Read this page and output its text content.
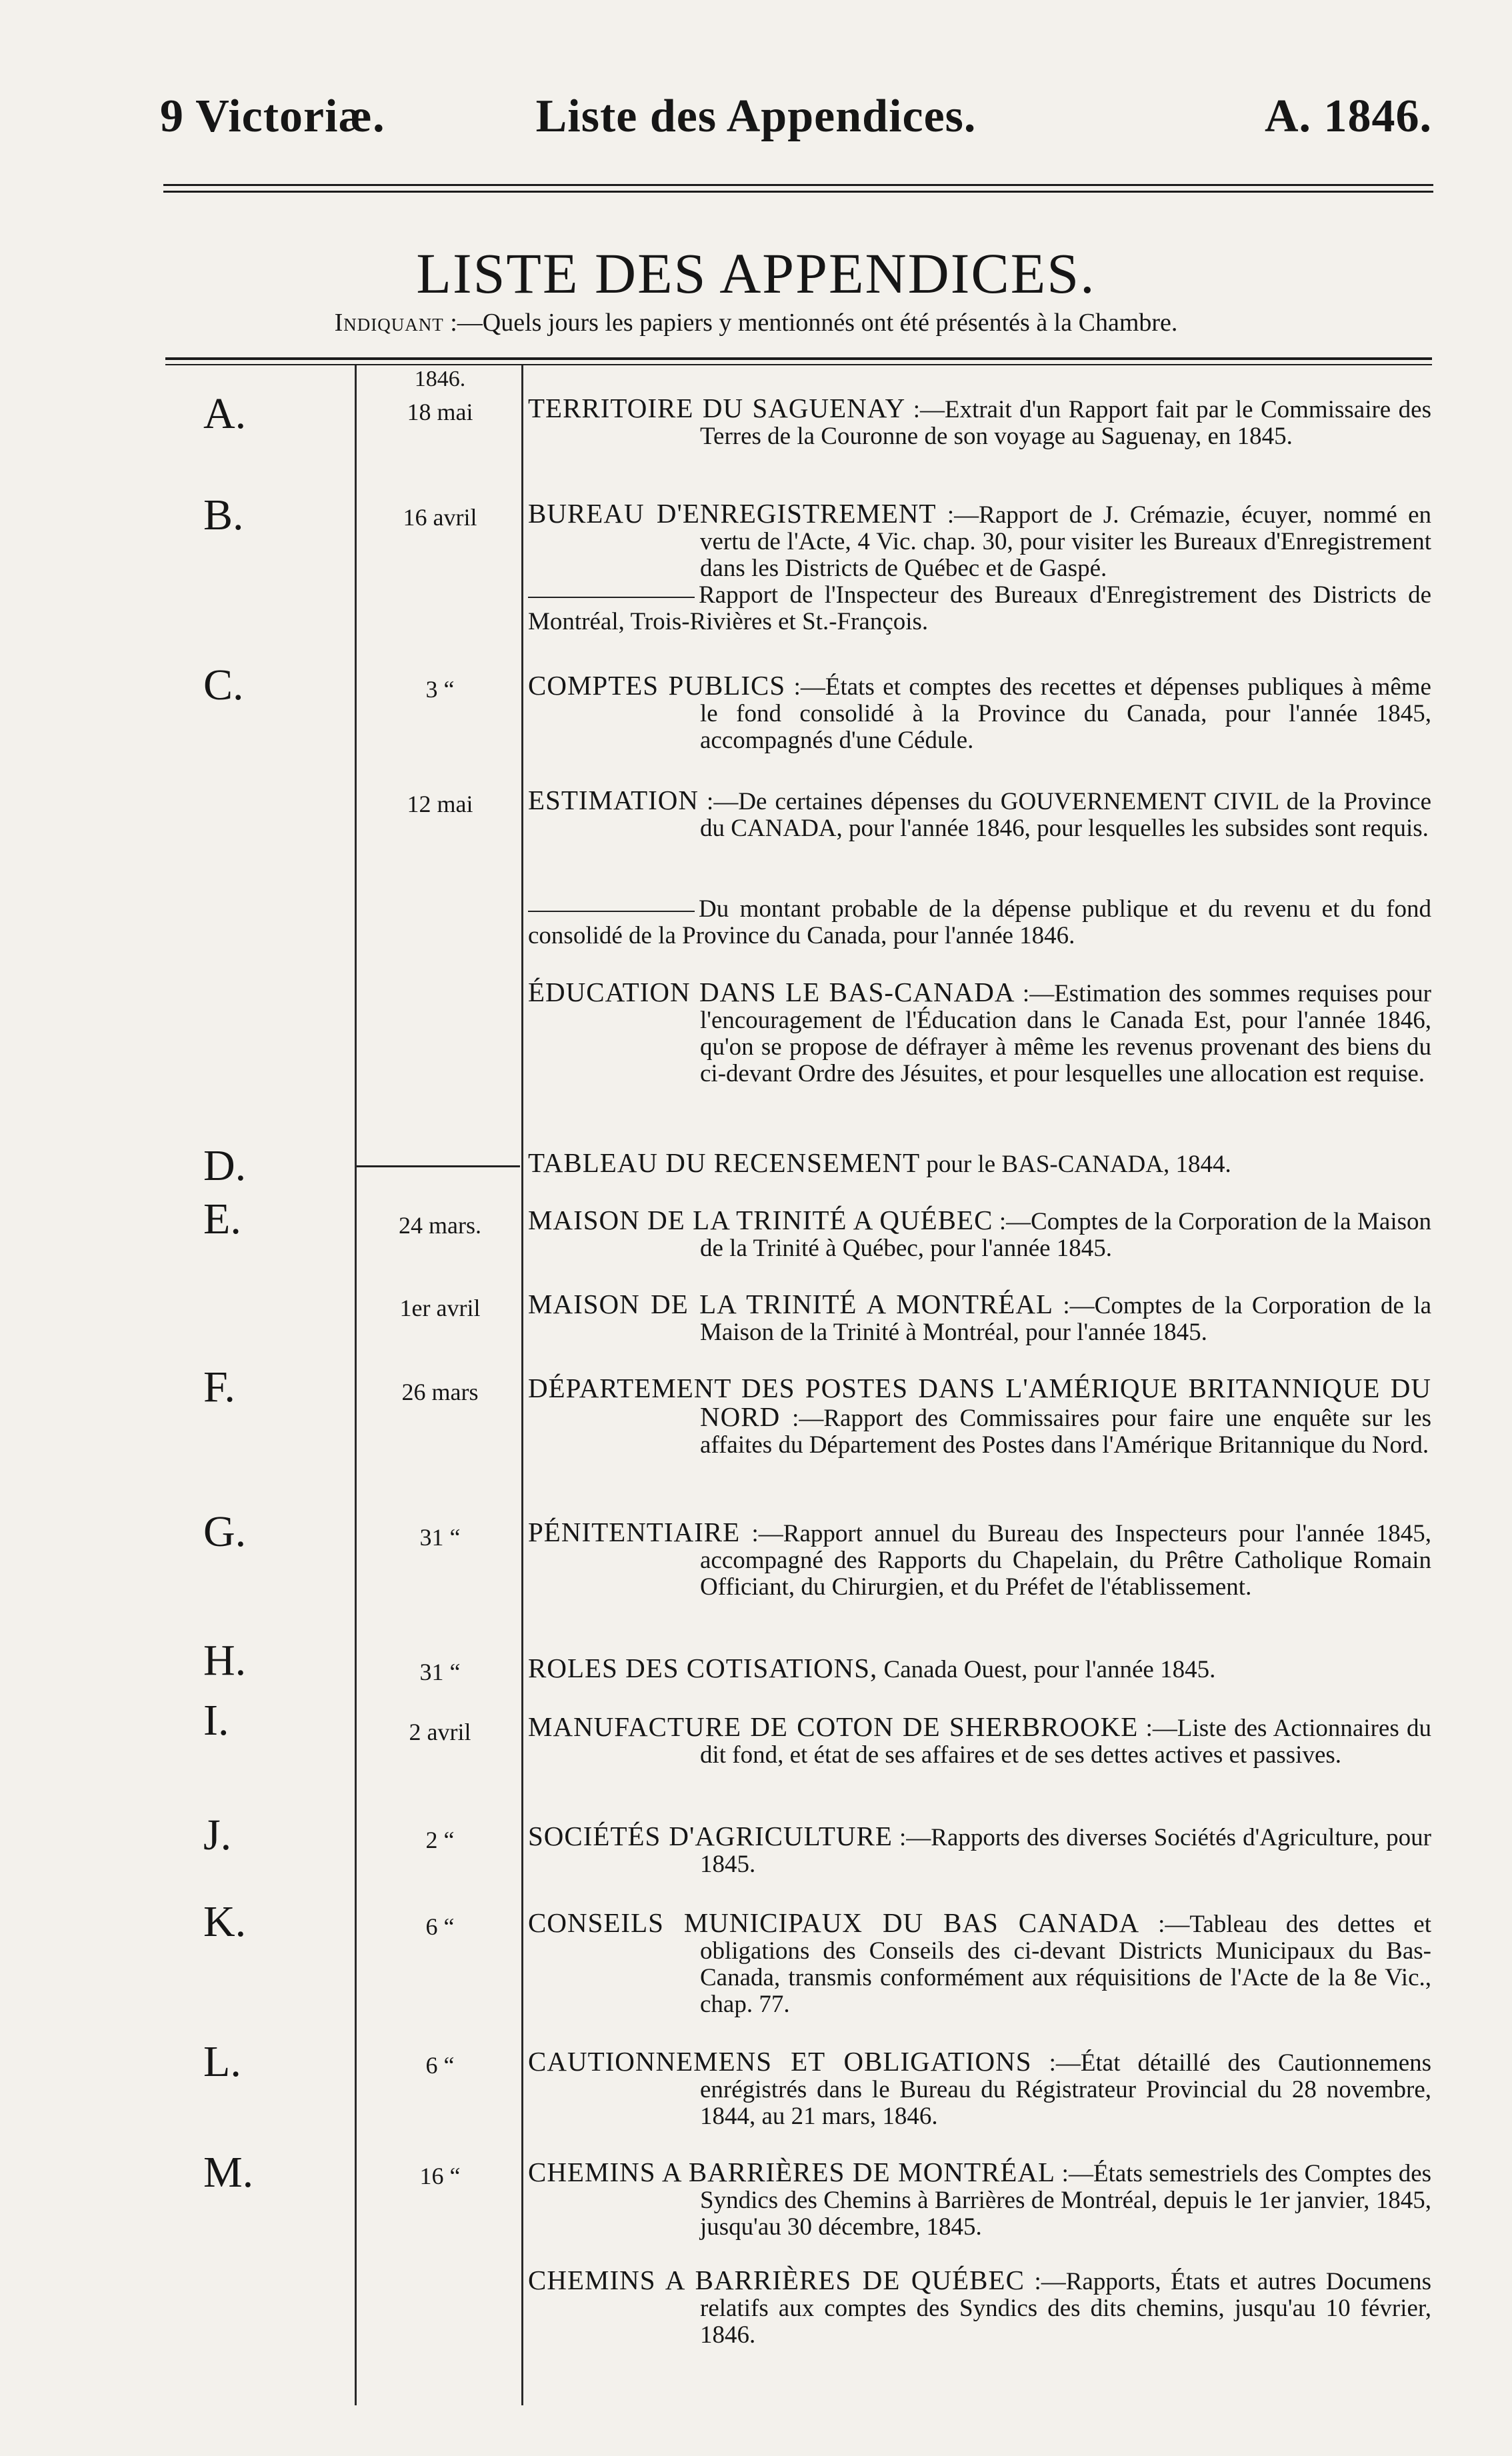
9 Victoriæ.	Liste des Appendices.	A. 1846.
LISTE DES APPENDICES.
Indiquant :—Quels jours les papiers y mentionnés ont été présentés à la Chambre.
1846.
A.	18 mai	TERRITOIRE DU SAGUENAY :—Extrait d'un Rapport fait par le Commissaire des Terres de la Couronne de son voyage au Saguenay, en 1845.
B.	16 avril	BUREAU D'ENREGISTREMENT :—Rapport de J. Crémazie, écuyer, nommé en vertu de l'Acte, 4 Vic. chap. 30, pour visiter les Bureaux d'Enregistrement dans les Districts de Québec et de Gaspé.
Rapport de l'Inspecteur des Bureaux d'Enregistrement des Districts de Montréal, Trois-Rivières et St.-François.
C.	3 “	COMPTES PUBLICS :—États et comptes des recettes et dépenses publiques à même le fond consolidé à la Province du Canada, pour l'année 1845, accompagnés d'une Cédule.
12 mai	ESTIMATION :—De certaines dépenses du GOUVERNEMENT CIVIL de la Province du CANADA, pour l'année 1846, pour lesquelles les subsides sont requis.
Du montant probable de la dépense publique et du revenu et du fond consolidé de la Province du Canada, pour l'année 1846.
ÉDUCATION DANS LE BAS-CANADA :—Estimation des sommes requises pour l'encouragement de l'Éducation dans le Canada Est, pour l'année 1846, qu'on se propose de défrayer à même les revenus provenant des biens du ci-devant Ordre des Jésuites, et pour lesquelles une allocation est requise.
D.	TABLEAU DU RECENSEMENT pour le BAS-CANADA, 1844.
E.	24 mars.	MAISON DE LA TRINITÉ A QUÉBEC :—Comptes de la Corporation de la Maison de la Trinité à Québec, pour l'année 1845.
1er avril	MAISON DE LA TRINITÉ A MONTRÉAL :—Comptes de la Corporation de la Maison de la Trinité à Montréal, pour l'année 1845.
F.	26 mars	DÉPARTEMENT DES POSTES DANS L'AMÉRIQUE BRITANNIQUE DU NORD :—Rapport des Commissaires pour faire une enquête sur les affaites du Département des Postes dans l'Amérique Britannique du Nord.
G.	31 “	PÉNITENTIAIRE :—Rapport annuel du Bureau des Inspecteurs pour l'année 1845, accompagné des Rapports du Chapelain, du Prêtre Catholique Romain Officiant, du Chirurgien, et du Préfet de l'établissement.
H.	31 “	ROLES DES COTISATIONS, Canada Ouest, pour l'année 1845.
I.	2 avril	MANUFACTURE DE COTON DE SHERBROOKE :—Liste des Actionnaires du dit fond, et état de ses affaires et de ses dettes actives et passives.
J.	2 “	SOCIÉTÉS D'AGRICULTURE :—Rapports des diverses Sociétés d'Agriculture, pour 1845.
K.	6 “	CONSEILS MUNICIPAUX DU BAS CANADA :—Tableau des dettes et obligations des Conseils des ci-devant Districts Municipaux du Bas-Canada, transmis conformément aux réquisitions de l'Acte de la 8e Vic., chap. 77.
L.	6 “	CAUTIONNEMENS ET OBLIGATIONS :—État détaillé des Cautionnemens enrégistrés dans le Bureau du Régistrateur Provincial du 28 novembre, 1844, au 21 mars, 1846.
M.	16 “	CHEMINS A BARRIÈRES DE MONTRÉAL :—États semestriels des Comptes des Syndics des Chemins à Barrières de Montréal, depuis le 1er janvier, 1845, jusqu'au 30 décembre, 1845.
CHEMINS A BARRIÈRES DE QUÉBEC :—Rapports, États et autres Documens relatifs aux comptes des Syndics des dits chemins, jusqu'au 10 février, 1846.
